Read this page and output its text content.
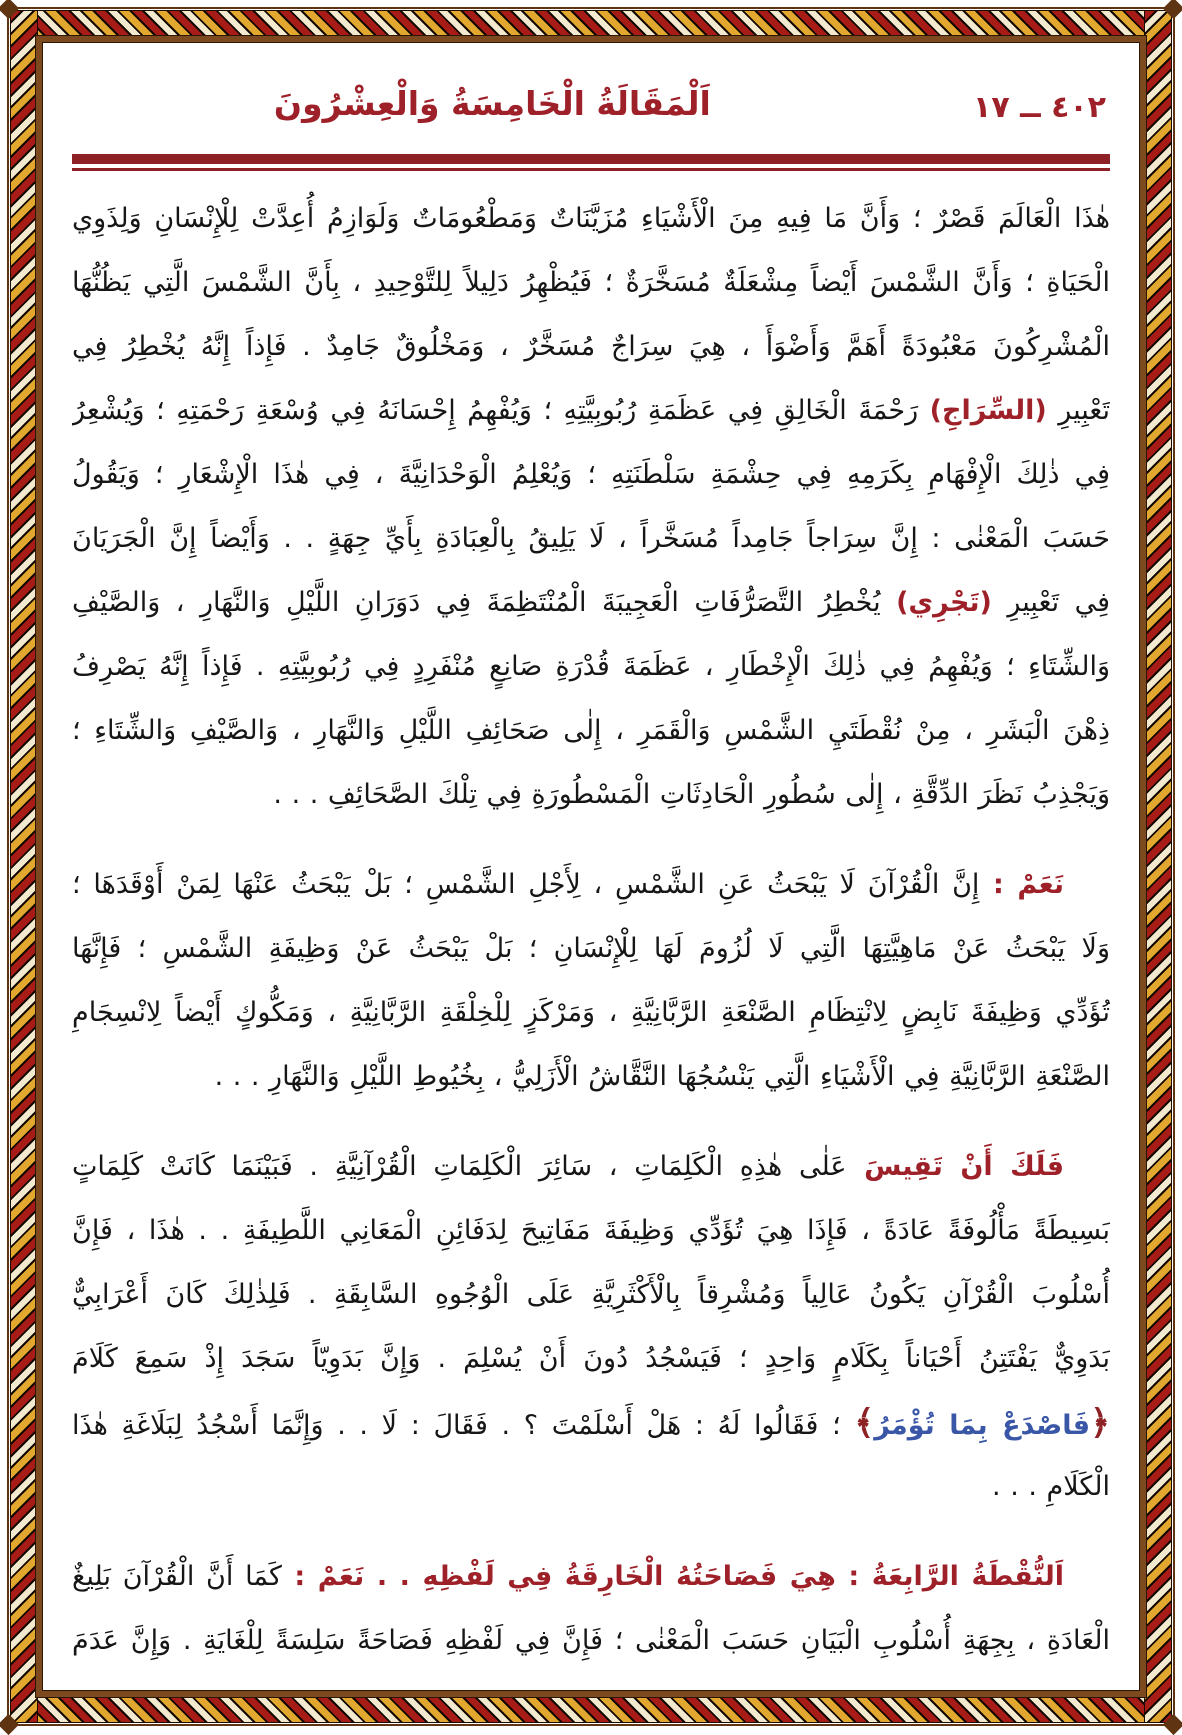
اَلْمَقَالَةُ الْخَامِسَةُ وَالْعِشْرُونَ	٤٠٢ ــ ١٧
هٰذَا الْعَالَمَ قَصْرٌ ؛ وَأَنَّ مَا فِيهِ مِنَ الْأَشْيَاءِ مُزَيَّنَاتٌ وَمَطْعُومَاتٌ وَلَوَازِمُ أُعِدَّتْ لِلْإِنْسَانِ وَلِذَوِي
الْحَيَاةِ ؛ وَأَنَّ الشَّمْسَ أَيْضاً مِشْعَلَةٌ مُسَخَّرَةٌ ؛ فَيُظْهِرُ دَلِيلاً لِلتَّوْحِيدِ ، بِأَنَّ الشَّمْسَ الَّتِي يَظُنُّهَا
الْمُشْرِكُونَ مَعْبُودَةً أَهَمَّ وَأَضْوَأَ ، هِيَ سِرَاجٌ مُسَخَّرٌ ، وَمَخْلُوقٌ جَامِدٌ . فَإِذاً إِنَّهُ يُخْطِرُ فِي
تَعْبِيرِ (السِّرَاجِ) رَحْمَةَ الْخَالِقِ فِي عَظَمَةِ رُبُوبِيَّتِهِ ؛ وَيُفْهِمُ إِحْسَانَهُ فِي وُسْعَةِ رَحْمَتِهِ ؛ وَيُشْعِرُ
فِي ذٰلِكَ الْإِفْهَامِ بِكَرَمِهِ فِي حِشْمَةِ سَلْطَنَتِهِ ؛ وَيُعْلِمُ الْوَحْدَانِيَّةَ ، فِي هٰذَا الْإِشْعَارِ ؛ وَيَقُولُ
حَسَبَ الْمَعْنٰى : إِنَّ سِرَاجاً جَامِداً مُسَخَّراً ، لَا يَلِيقُ بِالْعِبَادَةِ بِأَيِّ جِهَةٍ . . وَأَيْضاً إِنَّ الْجَرَيَانَ
فِي تَعْبِيرِ (تَجْرِي) يُخْطِرُ التَّصَرُّفَاتِ الْعَجِيبَةَ الْمُنْتَظِمَةَ فِي دَوَرَانِ اللَّيْلِ وَالنَّهَارِ ، وَالصَّيْفِ
وَالشِّتَاءِ ؛ وَيُفْهِمُ فِي ذٰلِكَ الْإِخْطَارِ ، عَظَمَةَ قُدْرَةِ صَانِعٍ مُنْفَرِدٍ فِي رُبُوبِيَّتِهِ . فَإِذاً إِنَّهُ يَصْرِفُ
ذِهْنَ الْبَشَرِ ، مِنْ نُقْطَتَيِ الشَّمْسِ وَالْقَمَرِ ، إِلٰى صَحَائِفِ اللَّيْلِ وَالنَّهَارِ ، وَالصَّيْفِ وَالشِّتَاءِ ؛
وَيَجْذِبُ نَظَرَ الدِّقَّةِ ، إِلٰى سُطُورِ الْحَادِثَاتِ الْمَسْطُورَةِ فِي تِلْكَ الصَّحَائِفِ . . .
نَعَمْ : إِنَّ الْقُرْآنَ لَا يَبْحَثُ عَنِ الشَّمْسِ ، لِأَجْلِ الشَّمْسِ ؛ بَلْ يَبْحَثُ عَنْهَا لِمَنْ أَوْقَدَهَا ؛
وَلَا يَبْحَثُ عَنْ مَاهِيَّتِهَا الَّتِي لَا لُزُومَ لَهَا لِلْإِنْسَانِ ؛ بَلْ يَبْحَثُ عَنْ وَظِيفَةِ الشَّمْسِ ؛ فَإِنَّهَا
تُؤَدِّي وَظِيفَةَ نَابِضٍ لِانْتِظَامِ الصَّنْعَةِ الرَّبَّانِيَّةِ ، وَمَرْكَزٍ لِلْخِلْقَةِ الرَّبَّانِيَّةِ ، وَمَكُّوكٍ أَيْضاً لِانْسِجَامِ
الصَّنْعَةِ الرَّبَّانِيَّةِ فِي الْأَشْيَاءِ الَّتِي يَنْسُجُهَا النَّقَّاشُ الْأَزَلِيُّ ، بِخُيُوطِ اللَّيْلِ وَالنَّهَارِ . . .
فَلَكَ أَنْ تَقِيسَ عَلٰى هٰذِهِ الْكَلِمَاتِ ، سَائِرَ الْكَلِمَاتِ الْقُرْآنِيَّةِ . فَبَيْنَمَا كَانَتْ كَلِمَاتٍ
بَسِيطَةً مَأْلُوفَةً عَادَةً ، فَإِذَا هِيَ تُؤَدِّي وَظِيفَةَ مَفَاتِيحَ لِدَفَائِنِ الْمَعَانِي اللَّطِيفَةِ . . هٰذَا ، فَإِنَّ
أُسْلُوبَ الْقُرْآنِ يَكُونُ عَالِياً وَمُشْرِقاً بِالْأَكْثَرِيَّةِ عَلَى الْوُجُوهِ السَّابِقَةِ . فَلِذٰلِكَ كَانَ أَعْرَابِيٌّ
بَدَوِيٌّ يَفْتَتِنُ أَحْيَاناً بِكَلَامٍ وَاحِدٍ ؛ فَيَسْجُدُ دُونَ أَنْ يُسْلِمَ . وَإِنَّ بَدَوِيّاً سَجَدَ إِذْ سَمِعَ كَلَامَ
﴿فَاصْدَعْ بِمَا تُؤْمَرُ﴾ ؛ فَقَالُوا لَهُ : هَلْ أَسْلَمْتَ ؟ . فَقَالَ : لَا . . وَإِنَّمَا أَسْجُدُ لِبَلَاغَةِ هٰذَا
الْكَلَامِ . . .
اَلنُّقْطَةُ الرَّابِعَةُ : هِيَ فَصَاحَتُهُ الْخَارِقَةُ فِي لَفْظِهِ . . نَعَمْ : كَمَا أَنَّ الْقُرْآنَ بَلِيغٌ
الْعَادَةِ ، بِجِهَةِ أُسْلُوبِ الْبَيَانِ حَسَبَ الْمَعْنٰى ؛ فَإِنَّ فِي لَفْظِهِ فَصَاحَةً سَلِسَةً لِلْغَايَةِ . وَإِنَّ عَدَمَ
